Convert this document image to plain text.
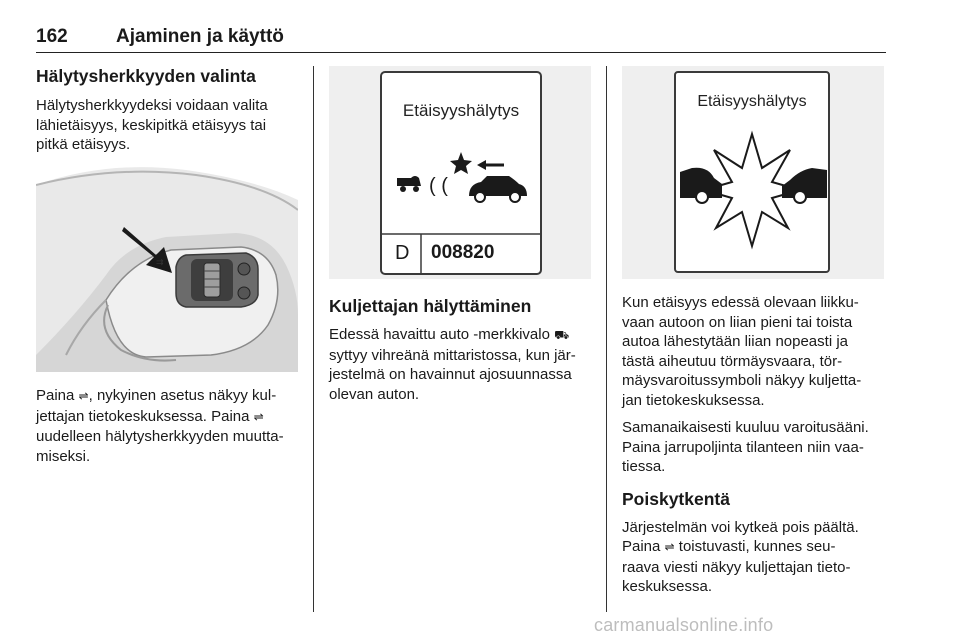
162	Ajaminen ja käyttö
Hälytysherkkyyden valinta

Hälytysherkkyydeksi voidaan valita

lähietäisyys, keskipitkä etäisyys tai

pitkä etäisyys.

⇉

Paina ⇌, nykyinen asetus näkyy kul-

jettajan tietokeskuksessa. Paina ⇌

uudelleen hälytysherkkyyden muutta-

miseksi.

Etäisyyshälytys
( (
D 008820
Kuljettajan hälyttäminen

Edessä havaittu auto -merkkivalo ⛟

syttyy vihreänä mittaristossa, kun jär-

jestelmä on havainnut ajosuunnassa

olevan auton.

Etäisyyshälytys

Kun etäisyys edessä olevaan liikku-

vaan autoon on liian pieni tai toista

autoa lähestytään liian nopeasti ja

tästä aiheutuu törmäysvaara, tör-

mäysvaroitussymboli näkyy kuljetta-

jan tietokeskuksessa.

Samanaikaisesti kuuluu varoitusääni.

Paina jarrupoljinta tilanteen niin vaa-

tiessa.

Poiskytkentä

Järjestelmän voi kytkeä pois päältä.

Paina ⇌ toistuvasti, kunnes seu-

raava viesti näkyy kuljettajan tieto-

keskuksessa.

carmanualsonline.info
